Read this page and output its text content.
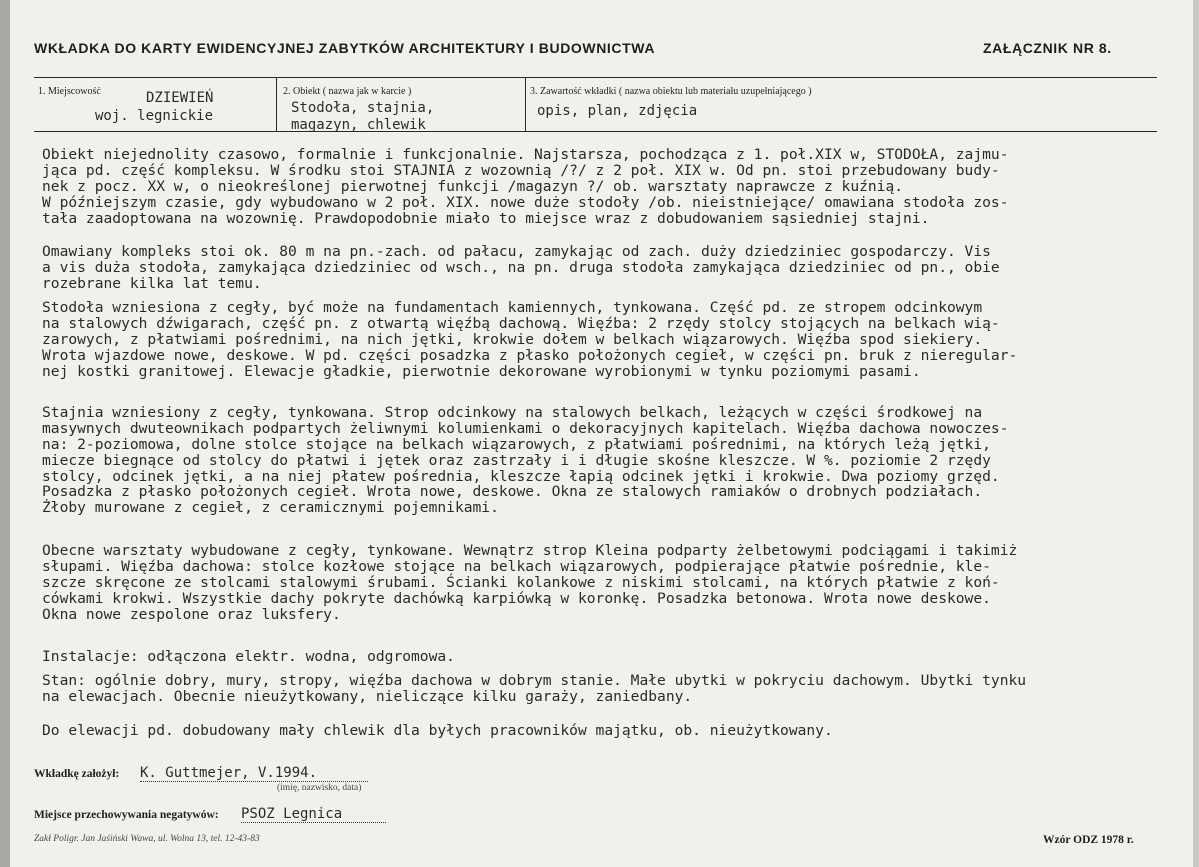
WKŁADKA DO KARTY EWIDENCYJNEJ ZABYTKÓW ARCHITEKTURY I BUDOWNICTWA	ZAŁĄCZNIK NR 8.
1. Miejscowość	DZIEWIEŃ
woj. legnickie
2. Obiekt ( nazwa jak w karcie )
Stodoła, stajnia,
magazyn, chlewik
3. Zawartość wkładki ( nazwa obiektu lub materiału uzupełniającego )
opis, plan, zdjęcia
Obiekt niejednolity czasowo, formalnie i funkcjonalnie. Najstarsza, pochodząca z 1. poł.XIX w, STODOŁA, zajmu-
jąca pd. część kompleksu. W środku stoi STAJNIA z wozownią /?/ z 2 poł. XIX w. Od pn. stoi przebudowany budy-
nek z pocz. XX w, o nieokreślonej pierwotnej funkcji /magazyn ?/ ob. warsztaty naprawcze z kuźnią.
W późniejszym czasie, gdy wybudowano w 2 poł. XIX. nowe duże stodoły /ob. nieistniejące/ omawiana stodoła zos-
tała zaadoptowana na wozownię. Prawdopodobnie miało to miejsce wraz z dobudowaniem sąsiedniej stajni.
Omawiany kompleks stoi ok. 80 m na pn.-zach. od pałacu, zamykając od zach. duży dziedziniec gospodarczy. Vis
a vis duża stodoła, zamykająca dziedziniec od wsch., na pn. druga stodoła zamykająca dziedziniec od pn., obie
rozebrane kilka lat temu.
Stodoła wzniesiona z cegły, być może na fundamentach kamiennych, tynkowana. Część pd. ze stropem odcinkowym
na stalowych dźwigarach, część pn. z otwartą więźbą dachową. Więźba: 2 rzędy stolcy stojących na belkach wią-
zarowych, z płatwiami pośrednimi, na nich jętki, krokwie dołem w belkach wiązarowych. Więźba spod siekiery.
Wrota wjazdowe nowe, deskowe. W pd. części posadzka z płasko położonych cegieł, w części pn. bruk z nieregular-
nej kostki granitowej. Elewacje gładkie, pierwotnie dekorowane wyrobionymi w tynku poziomymi pasami.
Stajnia wzniesiony z cegły, tynkowana. Strop odcinkowy na stalowych belkach, leżących w części środkowej na
masywnych dwuteownikach podpartych żeliwnymi kolumienkami o dekoracyjnych kapitelach. Więźba dachowa nowoczes-
na: 2-poziomowa, dolne stolce stojące na belkach wiązarowych, z płatwiami pośrednimi, na których leżą jętki,
miecze biegnące od stolcy do płatwi i jętek oraz zastrzały i i długie skośne kleszcze. W %. poziomie 2 rzędy
stolcy, odcinek jętki, a na niej płatew pośrednia, kleszcze łapią odcinek jętki i krokwie. Dwa poziomy grzęd.
Posadzka z płasko położonych cegieł. Wrota nowe, deskowe. Okna ze stalowych ramiaków o drobnych podziałach.
Żłoby murowane z cegieł, z ceramicznymi pojemnikami.
Obecne warsztaty wybudowane z cegły, tynkowane. Wewnątrz strop Kleina podparty żelbetowymi podciągami i takimiż
słupami. Więźba dachowa: stolce kozłowe stojące na belkach wiązarowych, podpierające płatwie pośrednie, kle-
szcze skręcone ze stolcami stalowymi śrubami. Ścianki kolankowe z niskimi stolcami, na których płatwie z koń-
cówkami krokwi. Wszystkie dachy pokryte dachówką karpiówką w koronkę. Posadzka betonowa. Wrota nowe deskowe.
Okna nowe zespolone oraz luksfery.
Instalacje: odłączona elektr. wodna, odgromowa.
Stan: ogólnie dobry, mury, stropy, więźba dachowa w dobrym stanie. Małe ubytki w pokryciu dachowym. Ubytki tynku
na elewacjach. Obecnie nieużytkowany, nieliczące kilku garaży, zaniedbany.
Do elewacji pd. dobudowany mały chlewik dla byłych pracowników majątku, ob. nieużytkowany.
Wkładkę założył: K. Guttmejer, V.1994.
(imię, nazwisko, data)
Miejsce przechowywania negatywów: PSOZ Legnica
Zakł Poligr. Jan Jaśiński Wawa, ul. Wolna 13, tel. 12-43-83	Wzór ODZ 1978 r.
